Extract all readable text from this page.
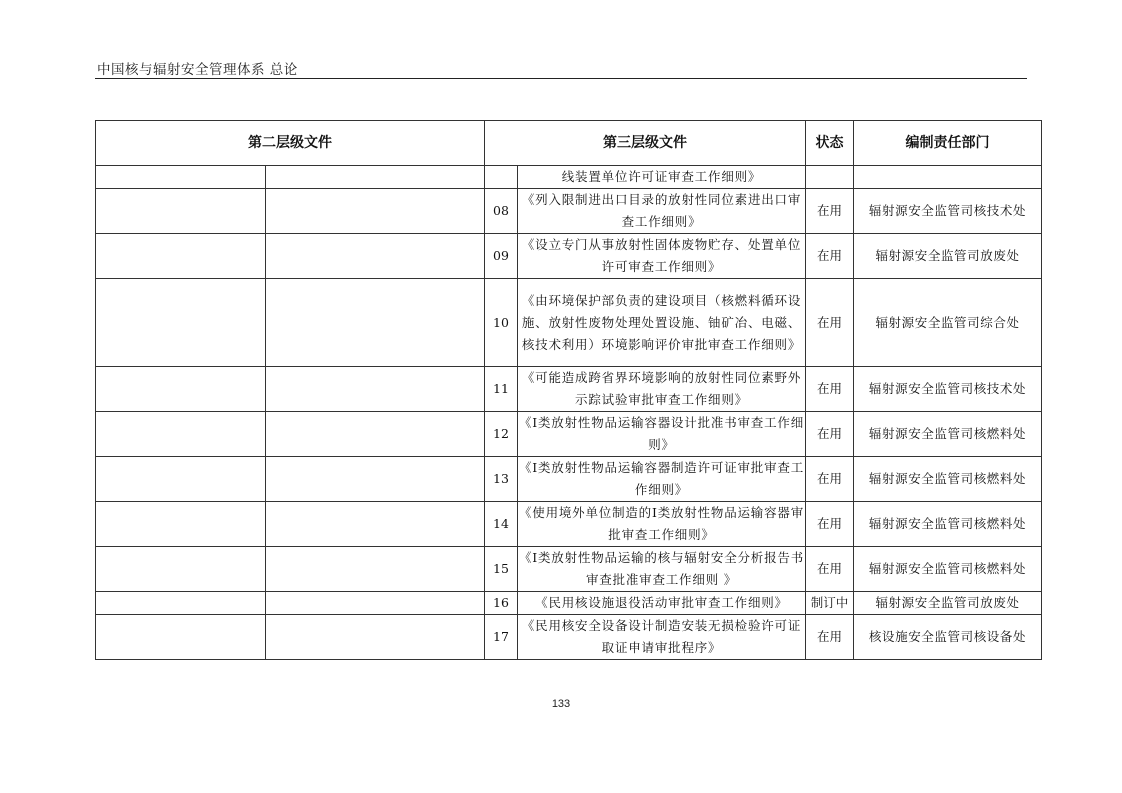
中国核与辐射安全管理体系 总论
第二层级文件		第三层级文件		状态	编制责任部门
			线装置单位许可证审查工作细则》		
		08	《列入限制进出口目录的放射性同位素进出口审查工作细则》	在用	辐射源安全监管司核技术处
		09	《设立专门从事放射性固体废物贮存、处置单位许可审查工作细则》	在用	辐射源安全监管司放废处
		10	《由环境保护部负责的建设项目（核燃料循环设施、放射性废物处理处置设施、铀矿冶、电磁、核技术利用）环境影响评价审批审查工作细则》	在用	辐射源安全监管司综合处
		11	《可能造成跨省界环境影响的放射性同位素野外示踪试验审批审查工作细则》	在用	辐射源安全监管司核技术处
		12	《I类放射性物品运输容器设计批准书审查工作细则》	在用	辐射源安全监管司核燃料处
		13	《I类放射性物品运输容器制造许可证审批审查工作细则》	在用	辐射源安全监管司核燃料处
		14	《使用境外单位制造的I类放射性物品运输容器审批审查工作细则》	在用	辐射源安全监管司核燃料处
		15	《I类放射性物品运输的核与辐射安全分析报告书审查批准审查工作细则 》	在用	辐射源安全监管司核燃料处
		16	《民用核设施退役活动审批审查工作细则》	制订中	辐射源安全监管司放废处
		17	《民用核安全设备设计制造安装无损检验许可证取证申请审批程序》	在用	核设施安全监管司核设备处
133
